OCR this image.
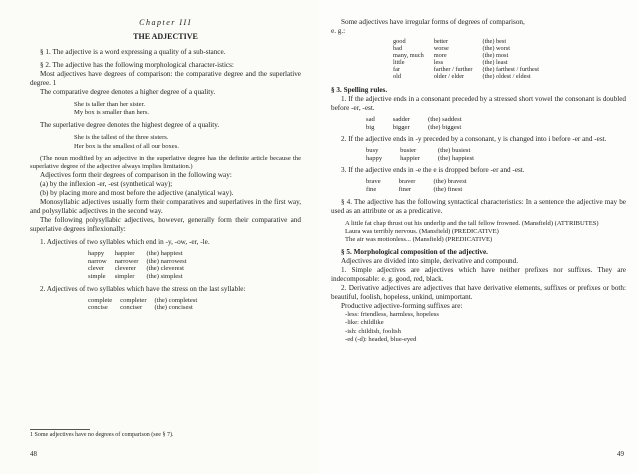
Chapter III

THE ADJECTIVE

§ 1. The adjective is a word expressing a quality of a sub-stance.

§ 2. The adjective has the following morphological character-istics:

Most adjectives have degrees of comparison: the comparative degree and the superlative degree. 1

The comparative degree denotes a higher degree of a quality.

She is taller than her sister.

My box is smaller than hers.

The superlative degree denotes the highest degree of a quality.

She is the tallest of the three sisters.

Her box is the smallest of all our boxes.

(The noun modified by an adjective in the superlative degree has the definite article because the superlative degree of the adjective always implies limitation.)

Adjectives form their degrees of comparison in the following way:

(a) by the inflexion -er, -est (synthetical way);

(b) by placing more and most before the adjective (analytical way).

Monosyllabic adjectives usually form their comparatives and superlatives in the first way, and polysyllabic adjectives in the second way.

The following polysyllabic adjectives, however, generally form their comparative and superlative degrees inflexionally:

1. Adjectives of two syllables which end in -y, -ow, -er, -le.

happy	happier	(the) happiest
narrow	narrower	(the) narrowest
clever	cleverer	(the) cleverest
simple	simpler	(the) simplest

2. Adjectives of two syllables which have the stress on the last syllable:

complete	completer	(the) completest
concise	conciser	(the) concisest

1 Some adjectives have no degrees of comparison (see § 7).

48

Some adjectives have irregular forms of degrees of comparison,

e. g.:

good	better	(the) best
bad	worse	(the) worst
many, much	more	(the) most
little	less	(the) least
far	farther / further	(the) farthest / furthest
old	older / elder	(the) oldest / eldest

§ 3. Spelling rules.

1. If the adjective ends in a consonant preceded by a stressed short vowel the consonant is doubled before -er, -est.

sad	sadder	(the) saddest
big	bigger	(the) biggest

2. If the adjective ends in -y preceded by a consonant, y is changed into i before -er and -est.

busy	busier	(the) busiest
happy	happier	(the) happiest

3. If the adjective ends in -e the e is dropped before -er and -est.

brave	braver	(the) bravest
fine	finer	(the) finest

§ 4. The adjective has the following syntactical characteristics: In a sentence the adjective may be used as an attribute or as a predicative.

A little fat chap thrust out his underlip and the tall fellow frowned. (Mansfield) (ATTRIBUTES)

Laura was terribly nervous. (Mansfield) (PREDICATIVE)

The air was motionless... (Mansfield) (PREDICATIVE)

§ 5. Morphological composition of the adjective.

Adjectives are divided into simple, derivative and compound.

1. Simple adjectives are adjectives which have neither prefixes nor suffixes. They are indecomposable: e. g. good, red, black.

2. Derivative adjectives are adjectives that have derivative elements, suffixes or prefixes or both: beautiful, foolish, hopeless, unkind, unimportant.

Productive adjective-forming suffixes are:

-less: friendless, harmless, hopeless

-like: childlike

-ish: childish, foolish

-ed (-d): headed, blue-eyed

49
